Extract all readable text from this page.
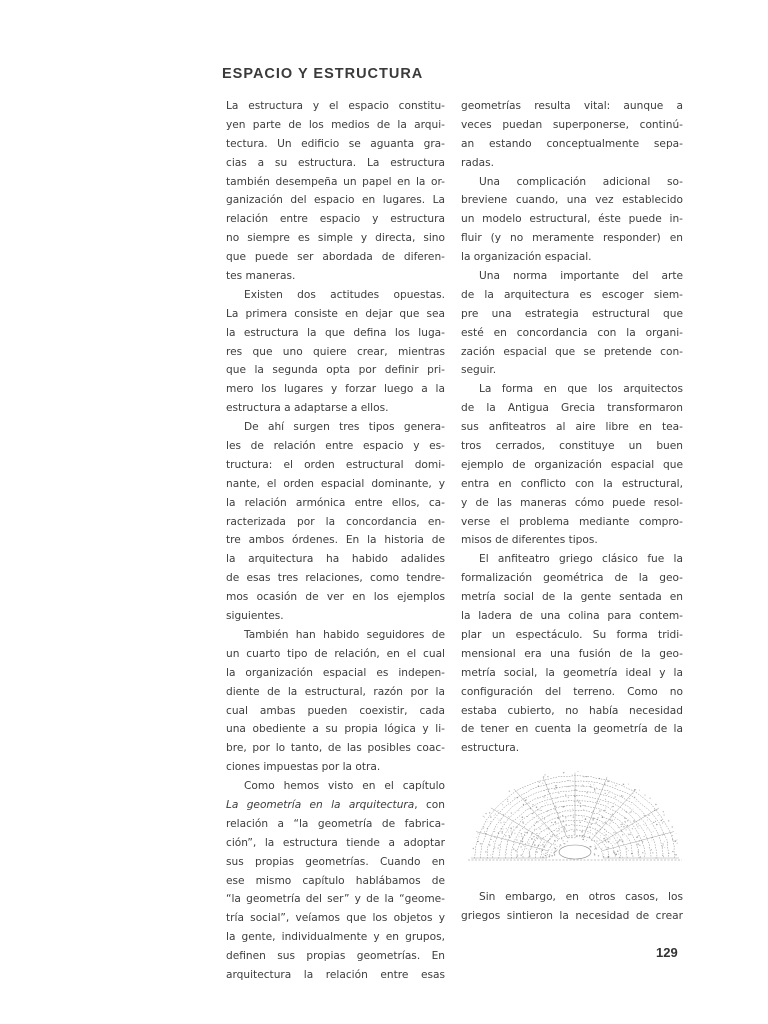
ESPACIO Y ESTRUCTURA
La estructura y el espacio constitu-
yen parte de los medios de la arqui-
tectura. Un edificio se aguanta gra-
cias a su estructura. La estructura
también desempeña un papel en la or-
ganización del espacio en lugares. La
relación entre espacio y estructura
no siempre es simple y directa, sino
que puede ser abordada de diferen-
tes maneras.
Existen dos actitudes opuestas.
La primera consiste en dejar que sea
la estructura la que defina los luga-
res que uno quiere crear, mientras
que la segunda opta por definir pri-
mero los lugares y forzar luego a la
estructura a adaptarse a ellos.
De ahí surgen tres tipos genera-
les de relación entre espacio y es-
tructura: el orden estructural domi-
nante, el orden espacial dominante, y
la relación armónica entre ellos, ca-
racterizada por la concordancia en-
tre ambos órdenes. En la historia de
la arquitectura ha habido adalides
de esas tres relaciones, como tendre-
mos ocasión de ver en los ejemplos
siguientes.
También han habido seguidores de
un cuarto tipo de relación, en el cual
la organización espacial es indepen-
diente de la estructural, razón por la
cual ambas pueden coexistir, cada
una obediente a su propia lógica y li-
bre, por lo tanto, de las posibles coac-
ciones impuestas por la otra.
Como hemos visto en el capítulo
La geometría en la arquitectura, con
relación a “la geometría de fabrica-
ción”, la estructura tiende a adoptar
sus propias geometrías. Cuando en
ese mismo capítulo hablábamos de
“la geometría del ser” y de la “geome-
tría social”, veíamos que los objetos y
la gente, individualmente y en grupos,
definen sus propias geometrías. En
arquitectura la relación entre esas
geometrías resulta vital: aunque a
veces puedan superponerse, continú-
an estando conceptualmente sepa-
radas.
Una complicación adicional so-
breviene cuando, una vez establecido
un modelo estructural, éste puede in-
fluir (y no meramente responder) en
la organización espacial.
Una norma importante del arte
de la arquitectura es escoger siem-
pre una estrategia estructural que
esté en concordancia con la organi-
zación espacial que se pretende con-
seguir.
La forma en que los arquitectos
de la Antigua Grecia transformaron
sus anfiteatros al aire libre en tea-
tros cerrados, constituye un buen
ejemplo de organización espacial que
entra en conflicto con la estructural,
y de las maneras cómo puede resol-
verse el problema mediante compro-
misos de diferentes tipos.
El anfiteatro griego clásico fue la
formalización geométrica de la geo-
metría social de la gente sentada en
la ladera de una colina para contem-
plar un espectáculo. Su forma tridi-
mensional era una fusión de la geo-
metría social, la geometría ideal y la
configuración del terreno. Como no
estaba cubierto, no había necesidad
de tener en cuenta la geometría de la
estructura.
Sin embargo, en otros casos, los
griegos sintieron la necesidad de crear
129
